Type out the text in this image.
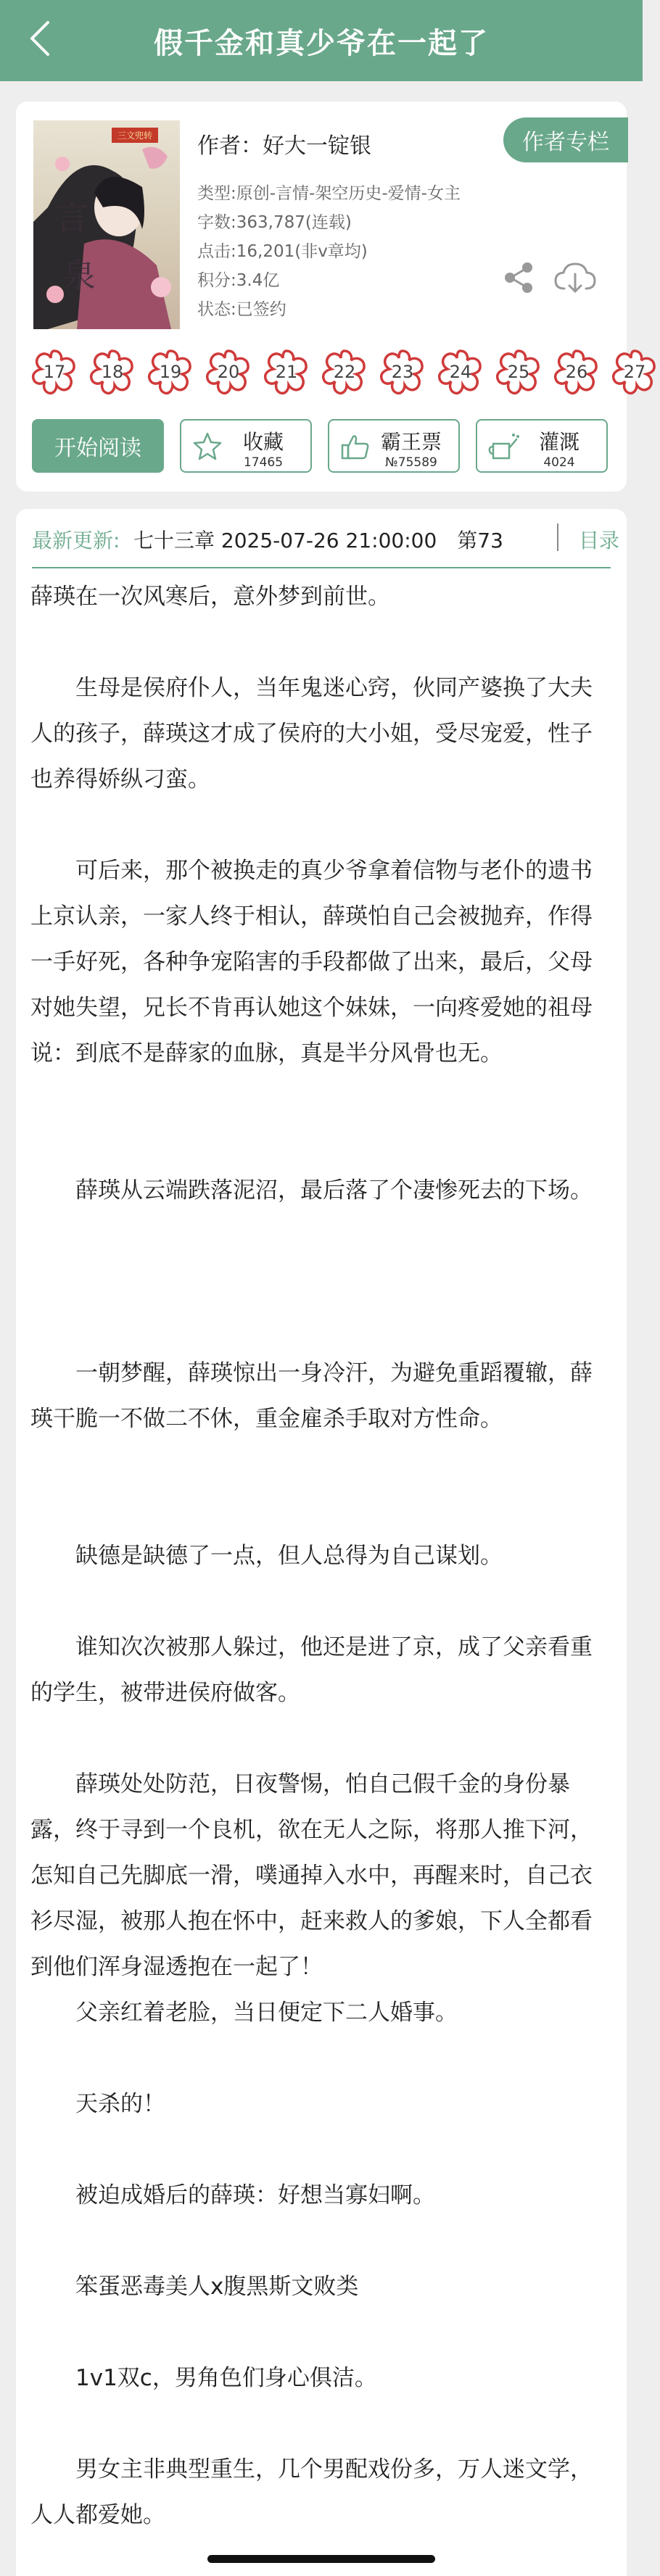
假千金和真少爷在一起了
言
泉
三文兜转 作者：好大一锭银	作者专栏
类型:原创-言情-架空历史-爱情-女主
字数:363,787(连载)
点击:16,201(非v章均)
积分:3.4亿
状态:已签约
17	18	19	20	21	22	23	24	25	26	27
开始阅读	收藏
17465
霸王票
№75589
灌溉
4024
最新更新: 七十三章 2025-07-26 21:00:00　第73	目录
薛瑛在一次风寒后，意外梦到前世。
生母是侯府仆人，当年鬼迷心窍，伙同产婆换了大夫人的孩子，薛瑛这才成了侯府的大小姐，受尽宠爱，性子也养得娇纵刁蛮。
可后来，那个被换走的真少爷拿着信物与老仆的遗书上京认亲，一家人终于相认，薛瑛怕自己会被抛弃，作得一手好死，各种争宠陷害的手段都做了出来，最后，父母对她失望，兄长不肯再认她这个妹妹，一向疼爱她的祖母说：到底不是薛家的血脉，真是半分风骨也无。
薛瑛从云端跌落泥沼，最后落了个凄惨死去的下场。
一朝梦醒，薛瑛惊出一身冷汗，为避免重蹈覆辙，薛瑛干脆一不做二不休，重金雇杀手取对方性命。
缺德是缺德了一点，但人总得为自己谋划。
谁知次次被那人躲过，他还是进了京，成了父亲看重的学生，被带进侯府做客。
薛瑛处处防范，日夜警惕，怕自己假千金的身份暴露，终于寻到一个良机，欲在无人之际，将那人推下河，怎知自己先脚底一滑，噗通掉入水中，再醒来时，自己衣衫尽湿，被那人抱在怀中，赶来救人的爹娘，下人全都看到他们浑身湿透抱在一起了！
父亲红着老脸，当日便定下二人婚事。
天杀的！
被迫成婚后的薛瑛：好想当寡妇啊。
笨蛋恶毒美人x腹黑斯文败类
1v1双c，男角色们身心俱洁。
男女主非典型重生，几个男配戏份多，万人迷文学，人人都爱她。
